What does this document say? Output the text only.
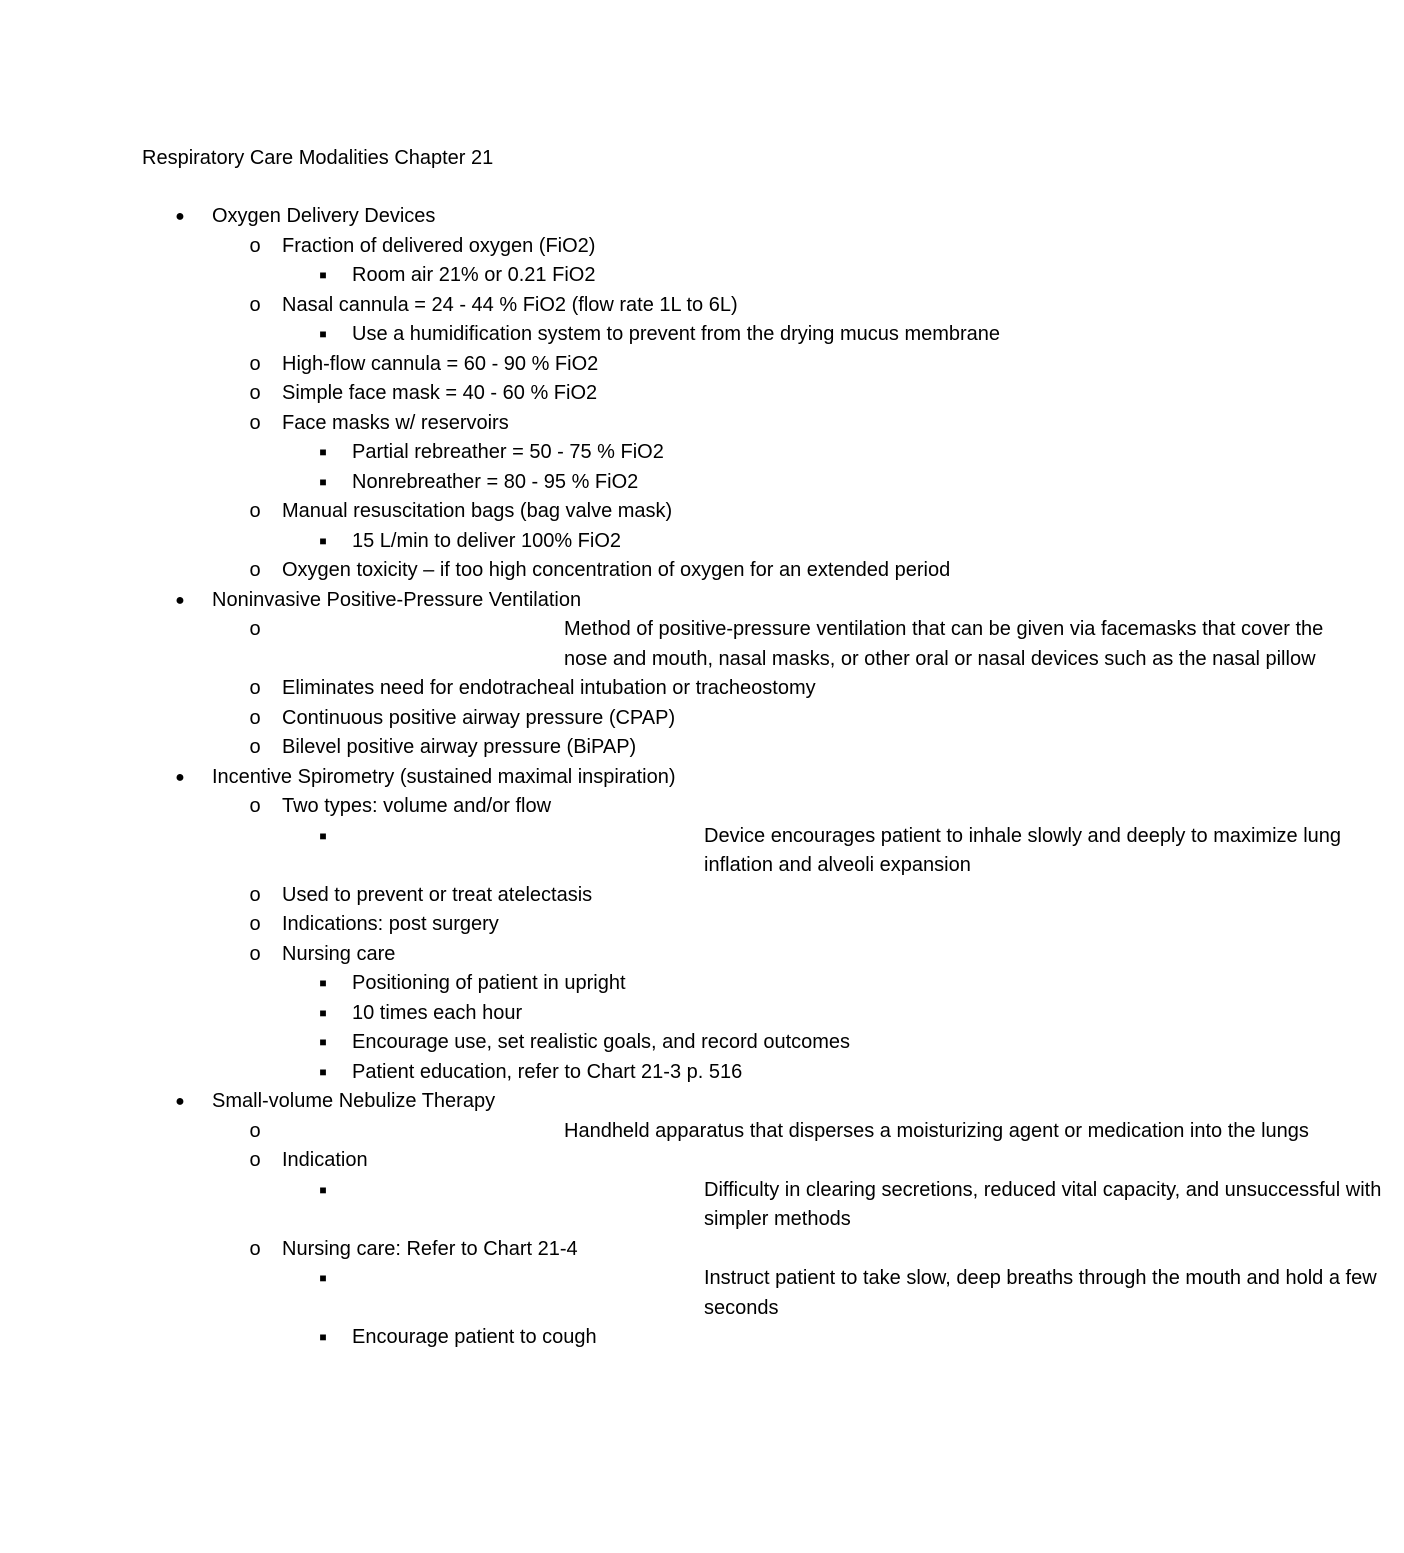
Respiratory Care Modalities Chapter 21
● Oxygen Delivery Devices
o Fraction of delivered oxygen (FiO2)
■	Room air 21% or 0.21 FiO2
o Nasal cannula = 24 - 44 % FiO2 (flow rate 1L to 6L)
■	Use a humidification system to prevent from the drying mucus membrane
o High-flow cannula = 60 - 90 % FiO2
o Simple face mask = 40 - 60 % FiO2
o Face masks w/ reservoirs
■	Partial rebreather = 50 - 75 % FiO2
■	Nonrebreather = 80 - 95 % FiO2
o Manual resuscitation bags (bag valve mask)
■	15 L/min to deliver 100% FiO2
o Oxygen toxicity – if too high concentration of oxygen for an extended period
● Noninvasive Positive-Pressure Ventilation
o	Method of positive-pressure ventilation that can be given via facemasks that cover the nose and mouth, nasal masks, or other oral or nasal devices such as the nasal pillow
o Eliminates need for endotracheal intubation or tracheostomy
o Continuous positive airway pressure (CPAP)
o Bilevel positive airway pressure (BiPAP)
● Incentive Spirometry (sustained maximal inspiration)
o Two types: volume and/or flow
■	Device encourages patient to inhale slowly and deeply to maximize lung inflation and alveoli expansion
o Used to prevent or treat atelectasis
o Indications: post surgery
o Nursing care
■	Positioning of patient in upright
■	10 times each hour
■	Encourage use, set realistic goals, and record outcomes
■	Patient education, refer to Chart 21-3 p. 516
● Small-volume Nebulize Therapy
o	Handheld apparatus that disperses a moisturizing agent or medication into the lungs
o Indication
■	Difficulty in clearing secretions, reduced vital capacity, and unsuccessful with simpler methods
o Nursing care: Refer to Chart 21-4
■	Instruct patient to take slow, deep breaths through the mouth and hold a few seconds
■	Encourage patient to cough
